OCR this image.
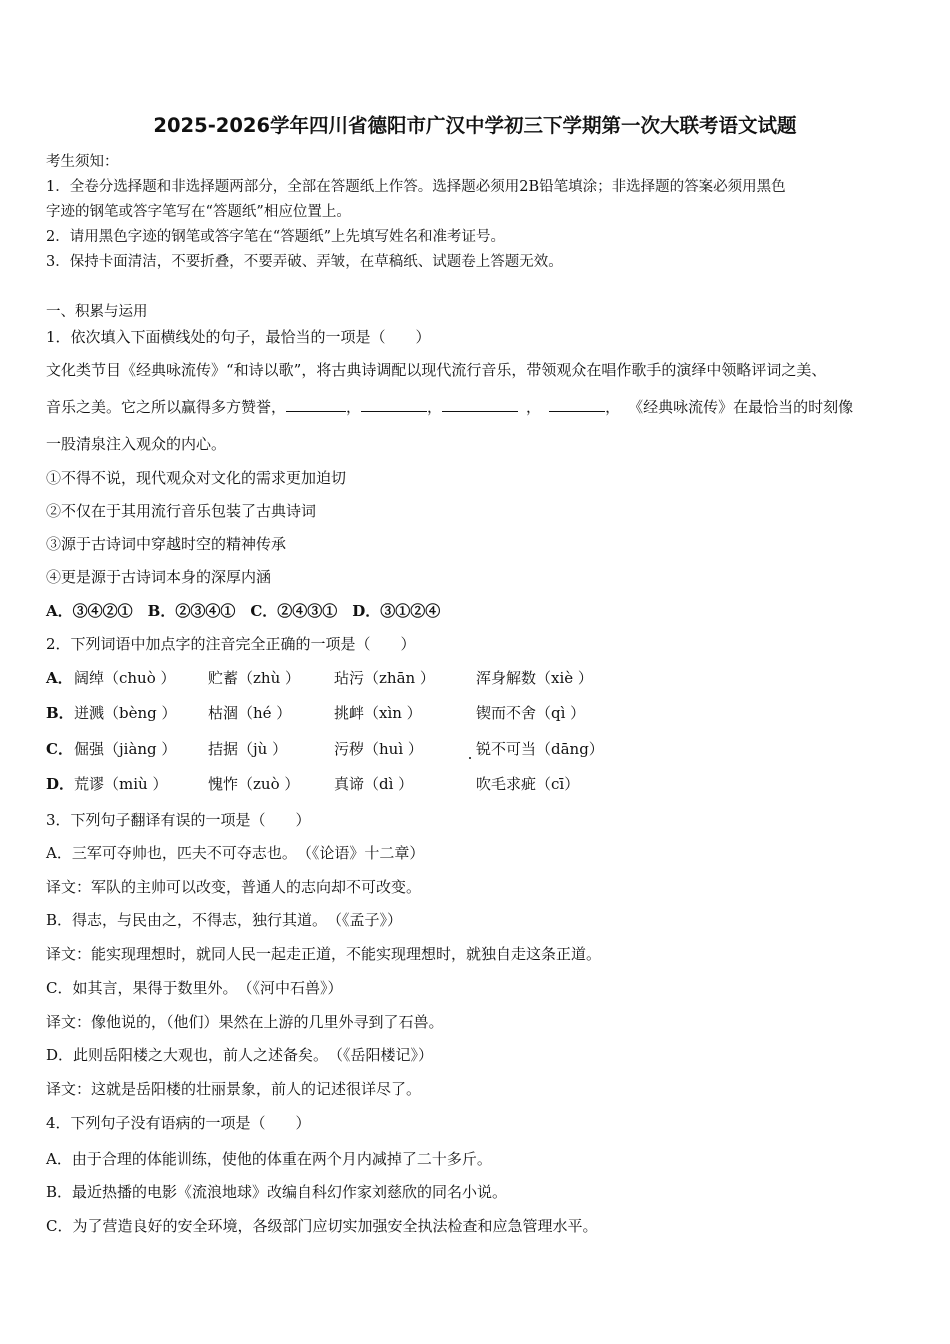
2025-2026学年四川省德阳市广汉中学初三下学期第一次大联考语文试题
考生须知：
1．全卷分选择题和非选择题两部分，全部在答题纸上作答。选择题必须用2B铅笔填涂；非选择题的答案必须用黑色
字迹的钢笔或答字笔写在“答题纸”相应位置上。
2．请用黑色字迹的钢笔或答字笔在“答题纸”上先填写姓名和准考证号。
3．保持卡面清洁，不要折叠，不要弄破、弄皱，在草稿纸、试题卷上答题无效。
一、积累与运用
1．依次填入下面横线处的句子，最恰当的一项是（　　）
文化类节目《经典咏流传》“和诗以歌”，将古典诗调配以现代流行音乐，带领观众在唱作歌手的演绎中领略评词之美、
音乐之美。它之所以赢得多方赞誉，	，	，	，	， 《经典咏流传》在最恰当的时刻像
一股清泉注入观众的内心。
①不得不说，现代观众对文化的需求更加迫切
②不仅在于其用流行音乐包装了古典诗词
③源于古诗词中穿越时空的精神传承
④更是源于古诗词本身的深厚内涵
A．③④②①　B．②③④①　C．②④③①　D．③①②④
2．下列词语中加点字的注音完全正确的一项是（　　）
A． 阔绰（chuò ） 贮蓄（zhù ） 玷污（zhān ）	浑身解数（xiè ）
B． 迸溅（bèng ） 枯涸（hé ）	挑衅（xìn ）	锲而不舍（qì ）
C． 倔强（jiàng ） 拮据（jù ）	污秽（huì ）	锐不可当（dāng）
D． 荒谬（miù ）	愧怍（zuò ） 真谛（dì ）	吹毛求疵（cī）
3．下列句子翻译有误的一项是（　　）
A．三军可夺帅也，匹夫不可夺志也。　（《论语》十二章）
译文：军队的主帅可以改变，普通人的志向却不可改变。
B．得志，与民由之，不得志，独行其道。　（《孟子》）
译文：能实现理想时，就同人民一起走正道，不能实现理想时，就独自走这条正道。
C．如其言，果得于数里外。　（《河中石兽》）
译文：像他说的，（他们）果然在上游的几里外寻到了石兽。
D．此则岳阳楼之大观也，前人之述备矣。　（《岳阳楼记》）
译文：这就是岳阳楼的壮丽景象，前人的记述很详尽了。
4．下列句子没有语病的一项是（　　）
A．由于合理的体能训练，使他的体重在两个月内减掉了二十多斤。
B．最近热播的电影《流浪地球》改编自科幻作家刘慈欣的同名小说。
C．为了营造良好的安全环境，各级部门应切实加强安全执法检查和应急管理水平。
